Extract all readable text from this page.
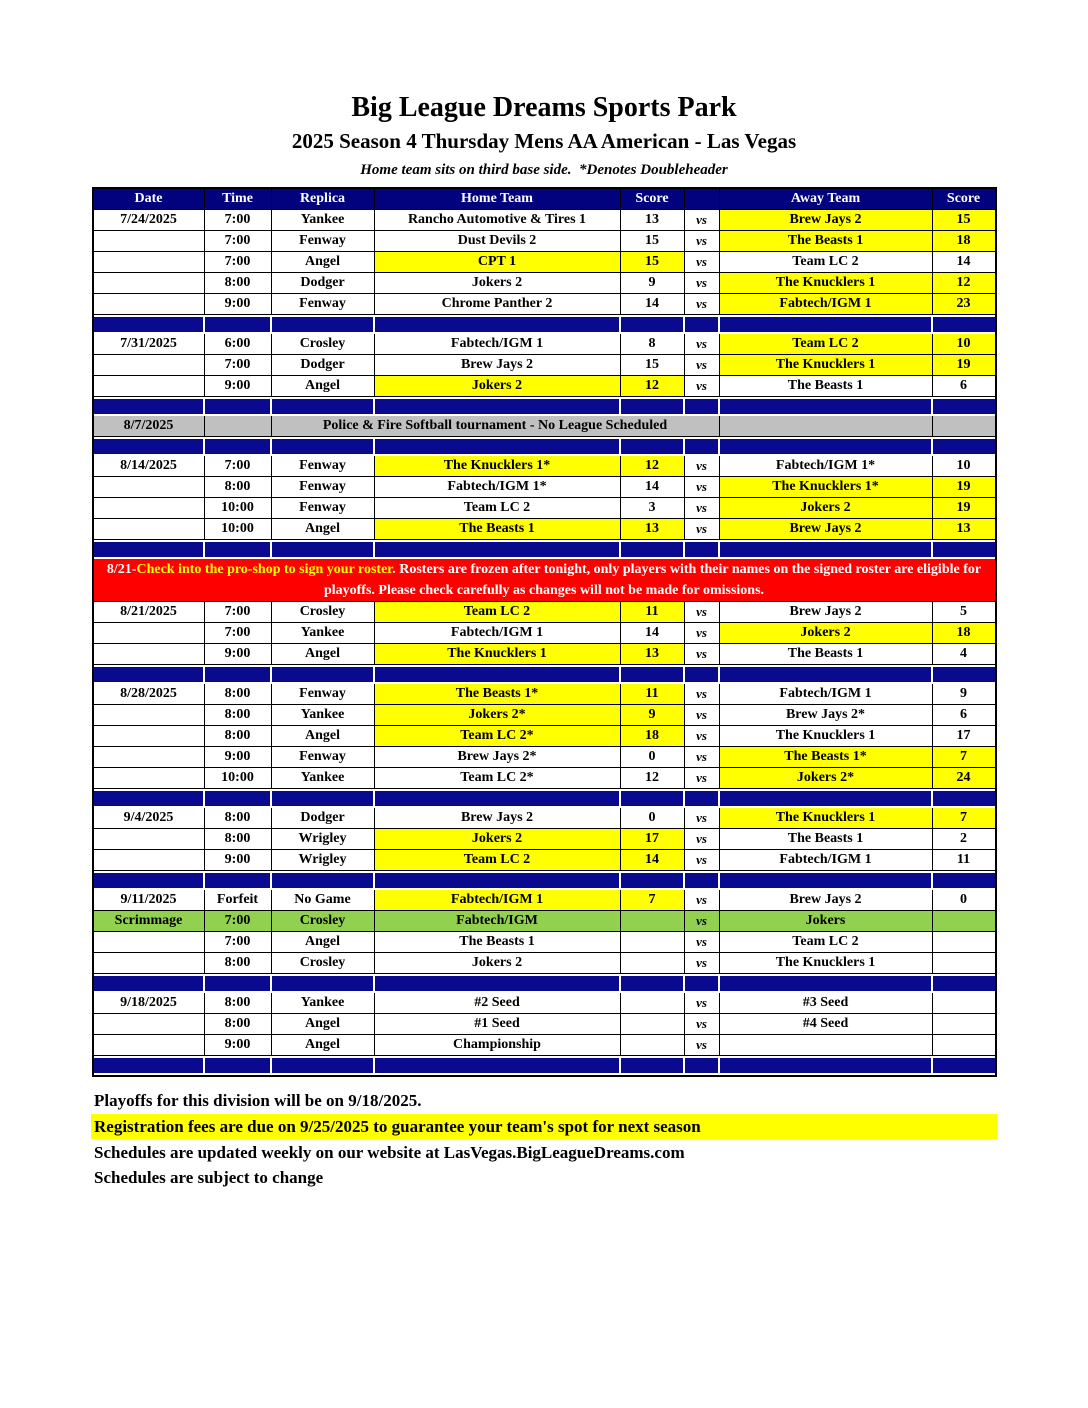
Big League Dreams Sports Park
2025 Season 4 Thursday Mens AA American - Las Vegas
Home team sits on third base side.  *Denotes Doubleheader
Date	Time	Replica	Home Team	Score		Away Team	Score
7/24/2025	7:00	Yankee	Rancho Automotive & Tires 1	13	vs	Brew Jays 2	15
	7:00	Fenway	Dust Devils 2	15	vs	The Beasts 1	18
	7:00	Angel	CPT 1	15	vs	Team LC 2	14
	8:00	Dodger	Jokers 2	9	vs	The Knucklers 1	12
	9:00	Fenway	Chrome Panther 2	14	vs	Fabtech/IGM 1	23

7/31/2025	6:00	Crosley	Fabtech/IGM 1	8	vs	Team LC 2	10
	7:00	Dodger	Brew Jays 2	15	vs	The Knucklers 1	19
	9:00	Angel	Jokers 2	12	vs	The Beasts 1	6

8/7/2025		Police & Fire Softball tournament - No League Scheduled					

8/14/2025	7:00	Fenway	The Knucklers 1*	12	vs	Fabtech/IGM 1*	10
	8:00	Fenway	Fabtech/IGM 1*	14	vs	The Knucklers 1*	19
	10:00	Fenway	Team LC 2	3	vs	Jokers 2	19
	10:00	Angel	The Beasts 1	13	vs	Brew Jays 2	13

8/21-Check into the pro-shop to sign your roster. Rosters are frozen after tonight, only players with their names on the signed roster are eligible for playoffs. Please check carefully as changes will not be made for omissions.							
8/21/2025	7:00	Crosley	Team LC 2	11	vs	Brew Jays 2	5
	7:00	Yankee	Fabtech/IGM 1	14	vs	Jokers 2	18
	9:00	Angel	The Knucklers 1	13	vs	The Beasts 1	4

8/28/2025	8:00	Fenway	The Beasts 1*	11	vs	Fabtech/IGM 1	9
	8:00	Yankee	Jokers 2*	9	vs	Brew Jays 2*	6
	8:00	Angel	Team LC 2*	18	vs	The Knucklers 1	17
	9:00	Fenway	Brew Jays 2*	0	vs	The Beasts 1*	7
	10:00	Yankee	Team LC 2*	12	vs	Jokers 2*	24

9/4/2025	8:00	Dodger	Brew Jays 2	0	vs	The Knucklers 1	7
	8:00	Wrigley	Jokers 2	17	vs	The Beasts 1	2
	9:00	Wrigley	Team LC 2	14	vs	Fabtech/IGM 1	11

9/11/2025	Forfeit	No Game	Fabtech/IGM 1	7	vs	Brew Jays 2	0
Scrimmage	7:00	Crosley	Fabtech/IGM		vs	Jokers	
	7:00	Angel	The Beasts 1		vs	Team LC 2	
	8:00	Crosley	Jokers 2		vs	The Knucklers 1	

9/18/2025	8:00	Yankee	#2 Seed		vs	#3 Seed	
	8:00	Angel	#1 Seed		vs	#4 Seed	
	9:00	Angel	Championship		vs		

Playoffs for this division will be on 9/18/2025.
Registration fees are due on 9/25/2025 to guarantee your team's spot for next season
Schedules are updated weekly on our website at LasVegas.BigLeagueDreams.com
Schedules are subject to change
